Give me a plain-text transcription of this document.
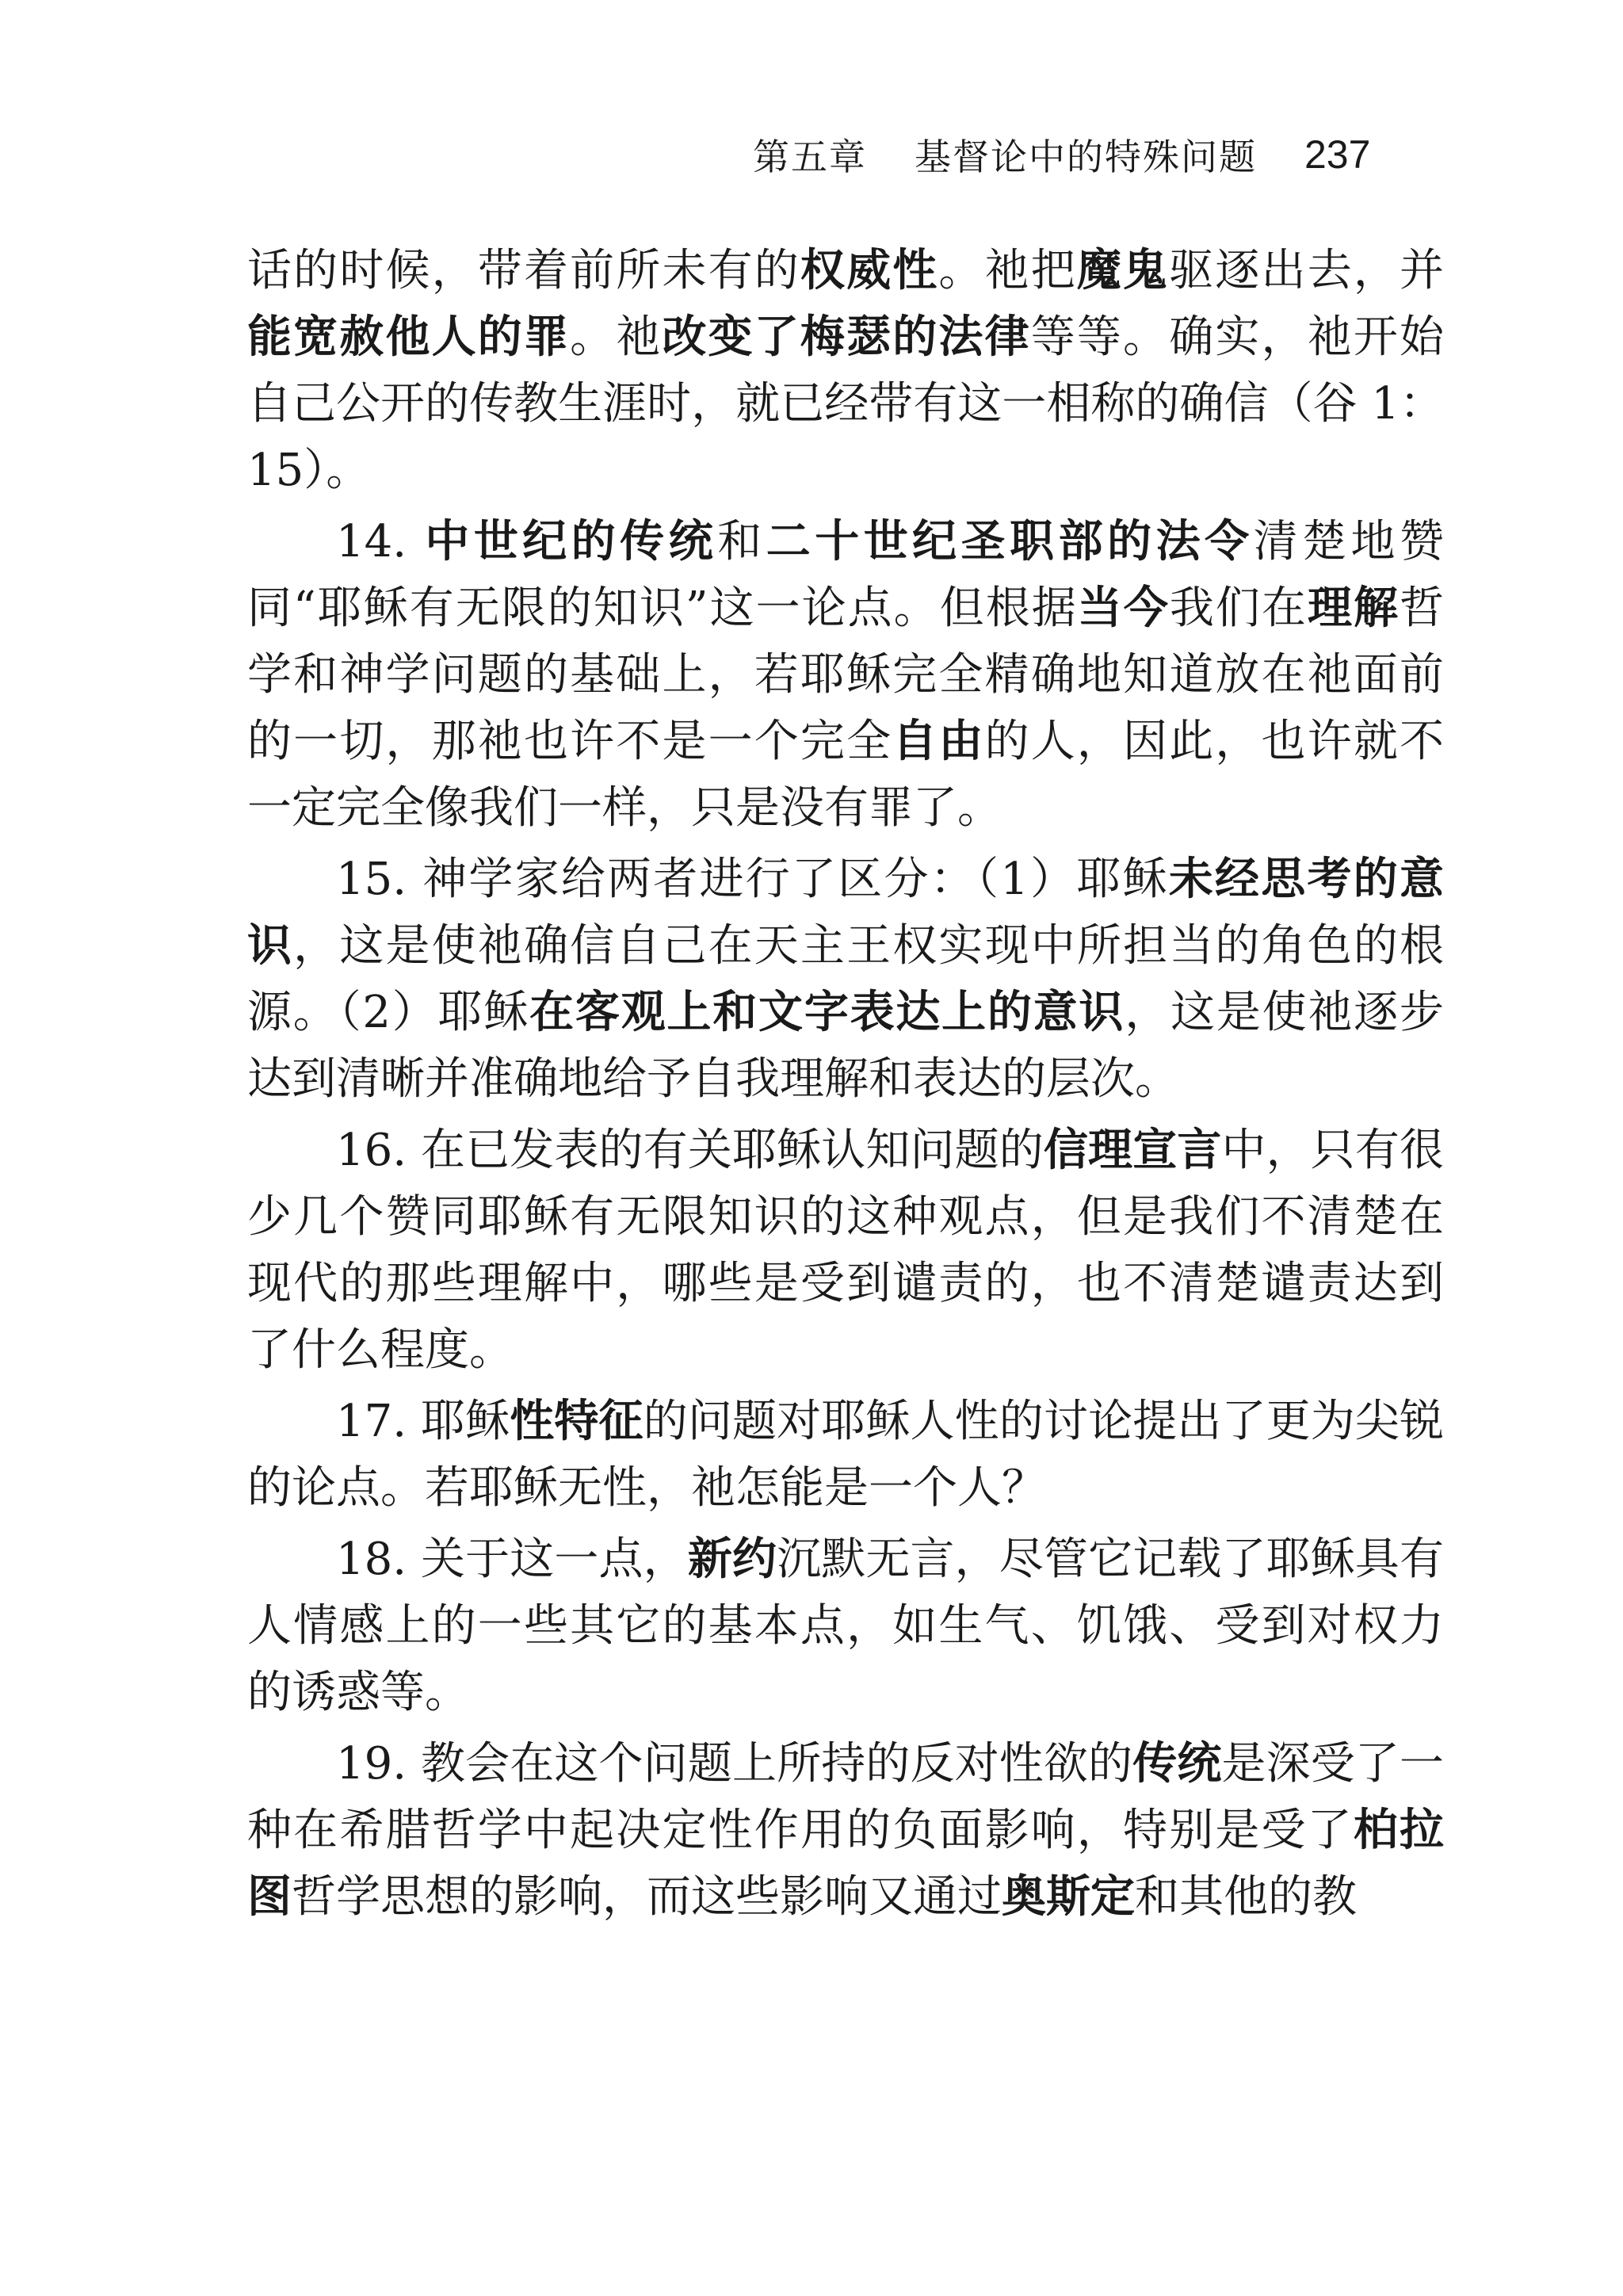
第五章 基督论中的特殊问题 237

话的时候，带着前所未有的权威性。祂把魔鬼驱逐出去，并能宽赦他人的罪。祂改变了梅瑟的法律等等。确实，祂开始自己公开的传教生涯时，就已经带有这一相称的确信（谷 1：15）。

14. 中世纪的传统和二十世纪圣职部的法令清楚地赞同“耶稣有无限的知识”这一论点。但根据当今我们在理解哲学和神学问题的基础上，若耶稣完全精确地知道放在祂面前的一切，那祂也许不是一个完全自由的人，因此，也许就不一定完全像我们一样，只是没有罪了。

15. 神学家给两者进行了区分：（1）耶稣未经思考的意识，这是使祂确信自己在天主王权实现中所担当的角色的根源。（2）耶稣在客观上和文字表达上的意识，这是使祂逐步达到清晰并准确地给予自我理解和表达的层次。

16. 在已发表的有关耶稣认知问题的信理宣言中，只有很少几个赞同耶稣有无限知识的这种观点，但是我们不清楚在现代的那些理解中，哪些是受到谴责的，也不清楚谴责达到了什么程度。

17. 耶稣性特征的问题对耶稣人性的讨论提出了更为尖锐的论点。若耶稣无性，祂怎能是一个人？

18. 关于这一点，新约沉默无言，尽管它记载了耶稣具有人情感上的一些其它的基本点，如生气、饥饿、受到对权力的诱惑等。

19. 教会在这个问题上所持的反对性欲的传统是深受了一种在希腊哲学中起决定性作用的负面影响，特别是受了柏拉图哲学思想的影响，而这些影响又通过奥斯定和其他的教
